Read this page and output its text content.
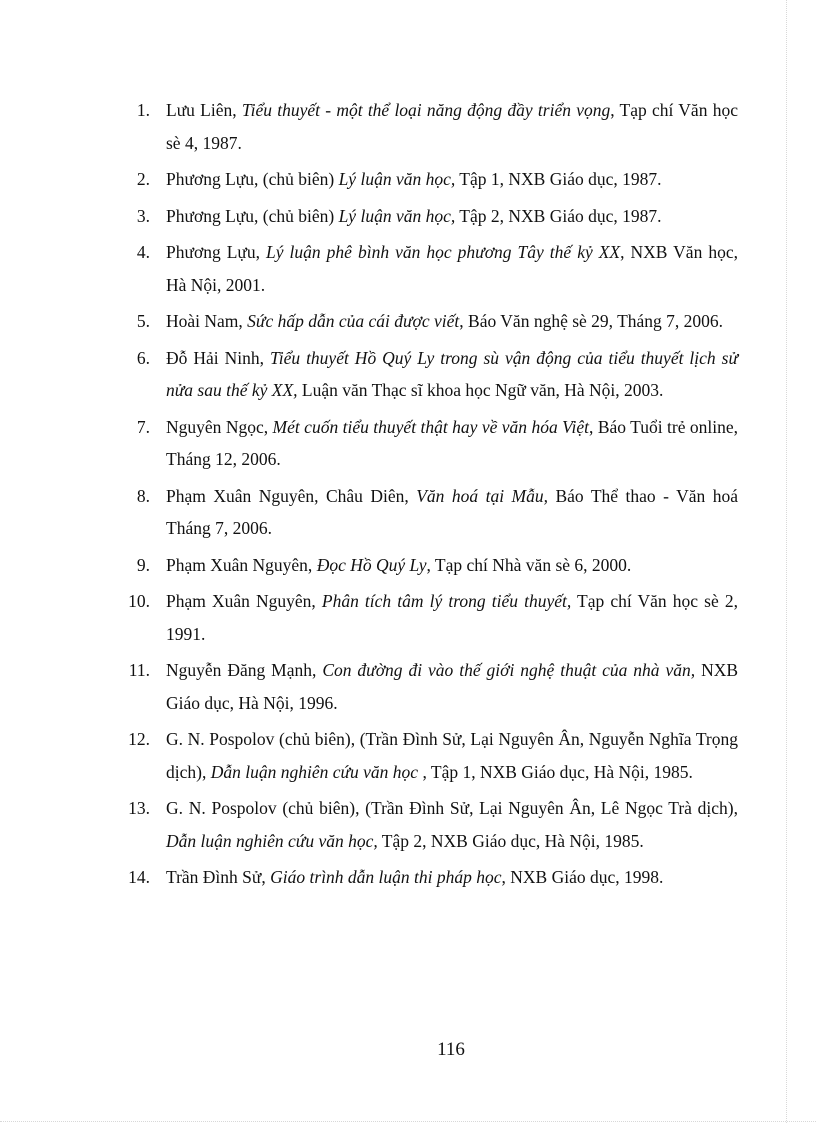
1. Lưu Liên, Tiểu thuyết - một thể loại năng động đầy triển vọng, Tạp chí Văn học sè 4, 1987.
2. Phương Lựu, (chủ biên) Lý luận văn học, Tập 1, NXB Giáo dục, 1987.
3. Phương Lựu, (chủ biên) Lý luận văn học, Tập 2, NXB Giáo dục, 1987.
4. Phương Lựu, Lý luận phê bình văn học phương Tây thế kỷ XX, NXB Văn học, Hà Nội, 2001.
5. Hoài Nam, Sức hấp dẫn của cái được viết, Báo Văn nghệ sè 29, Tháng 7, 2006.
6. Đỗ Hải Ninh, Tiểu thuyết Hồ Quý Ly trong sù vận động của tiểu thuyết lịch sử nửa sau thế kỷ XX, Luận văn Thạc sĩ khoa học Ngữ văn, Hà Nội, 2003.
7. Nguyên Ngọc, Mét cuốn tiểu thuyết thật hay về văn hóa Việt, Báo Tuổi trẻ online, Tháng 12, 2006.
8. Phạm Xuân Nguyên, Châu Diên, Văn hoá tại Mẫu, Báo Thể thao - Văn hoá Tháng 7, 2006.
9. Phạm Xuân Nguyên, Đọc Hồ Quý Ly, Tạp chí Nhà văn sè 6, 2000.
10. Phạm Xuân Nguyên, Phân tích tâm lý trong tiểu thuyết, Tạp chí Văn học sè 2, 1991.
11. Nguyễn Đăng Mạnh, Con đường đi vào thế giới nghệ thuật của nhà văn, NXB Giáo dục, Hà Nội, 1996.
12. G. N. Pospolov (chủ biên), (Trần Đình Sử, Lại Nguyên Ân, Nguyễn Nghĩa Trọng dịch), Dẫn luận nghiên cứu văn học , Tập 1, NXB Giáo dục, Hà Nội, 1985.
13. G. N. Pospolov (chủ biên), (Trần Đình Sử, Lại Nguyên Ân, Lê Ngọc Trà dịch), Dẫn luận nghiên cứu văn học, Tập 2, NXB Giáo dục, Hà Nội, 1985.
14. Trần Đình Sử, Giáo trình dẫn luận thi pháp học, NXB Giáo dục, 1998.
116
